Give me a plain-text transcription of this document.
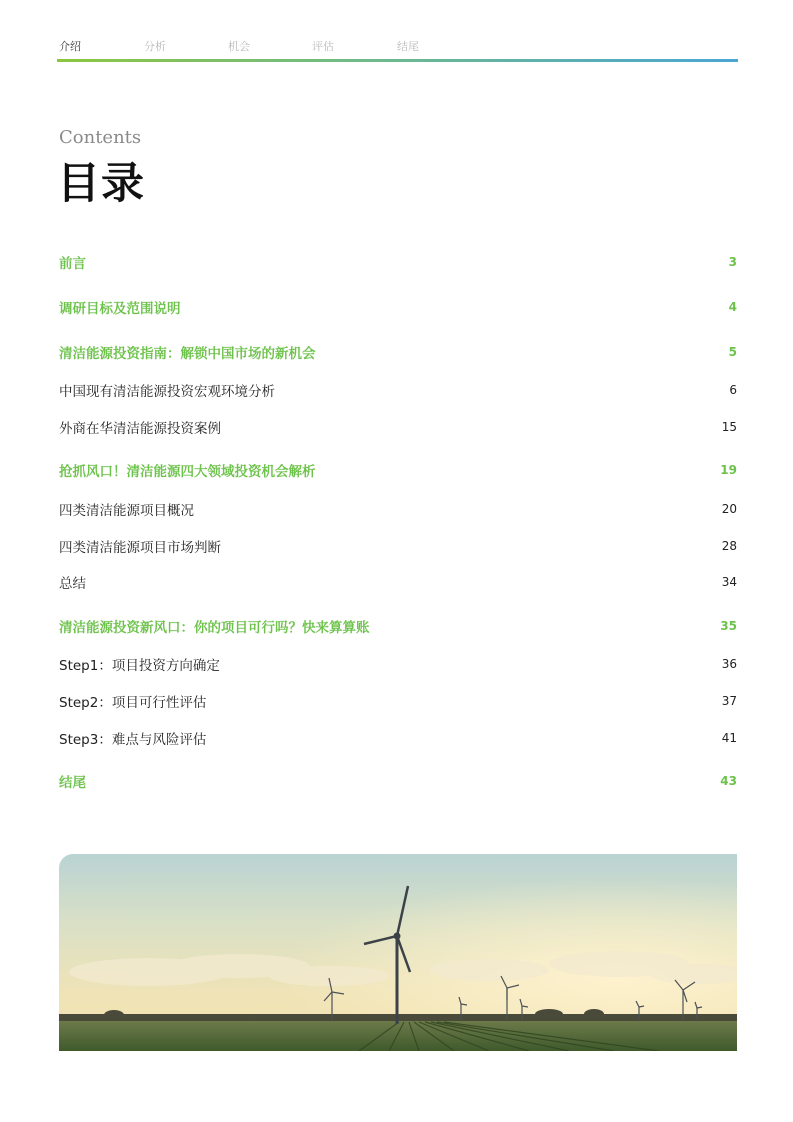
介绍	分析	机会	评估	结尾
Contents
目录
前言	3
调研目标及范围说明	4
清洁能源投资指南：解锁中国市场的新机会	5
中国现有清洁能源投资宏观环境分析	6
外商在华清洁能源投资案例	15
抢抓风口！清洁能源四大领域投资机会解析	19
四类清洁能源项目概况	20
四类清洁能源项目市场判断	28
总结	34
清洁能源投资新风口：你的项目可行吗？快来算算账	35
Step1：项目投资方向确定	36
Step2：项目可行性评估	37
Step3：难点与风险评估	41
结尾	43
